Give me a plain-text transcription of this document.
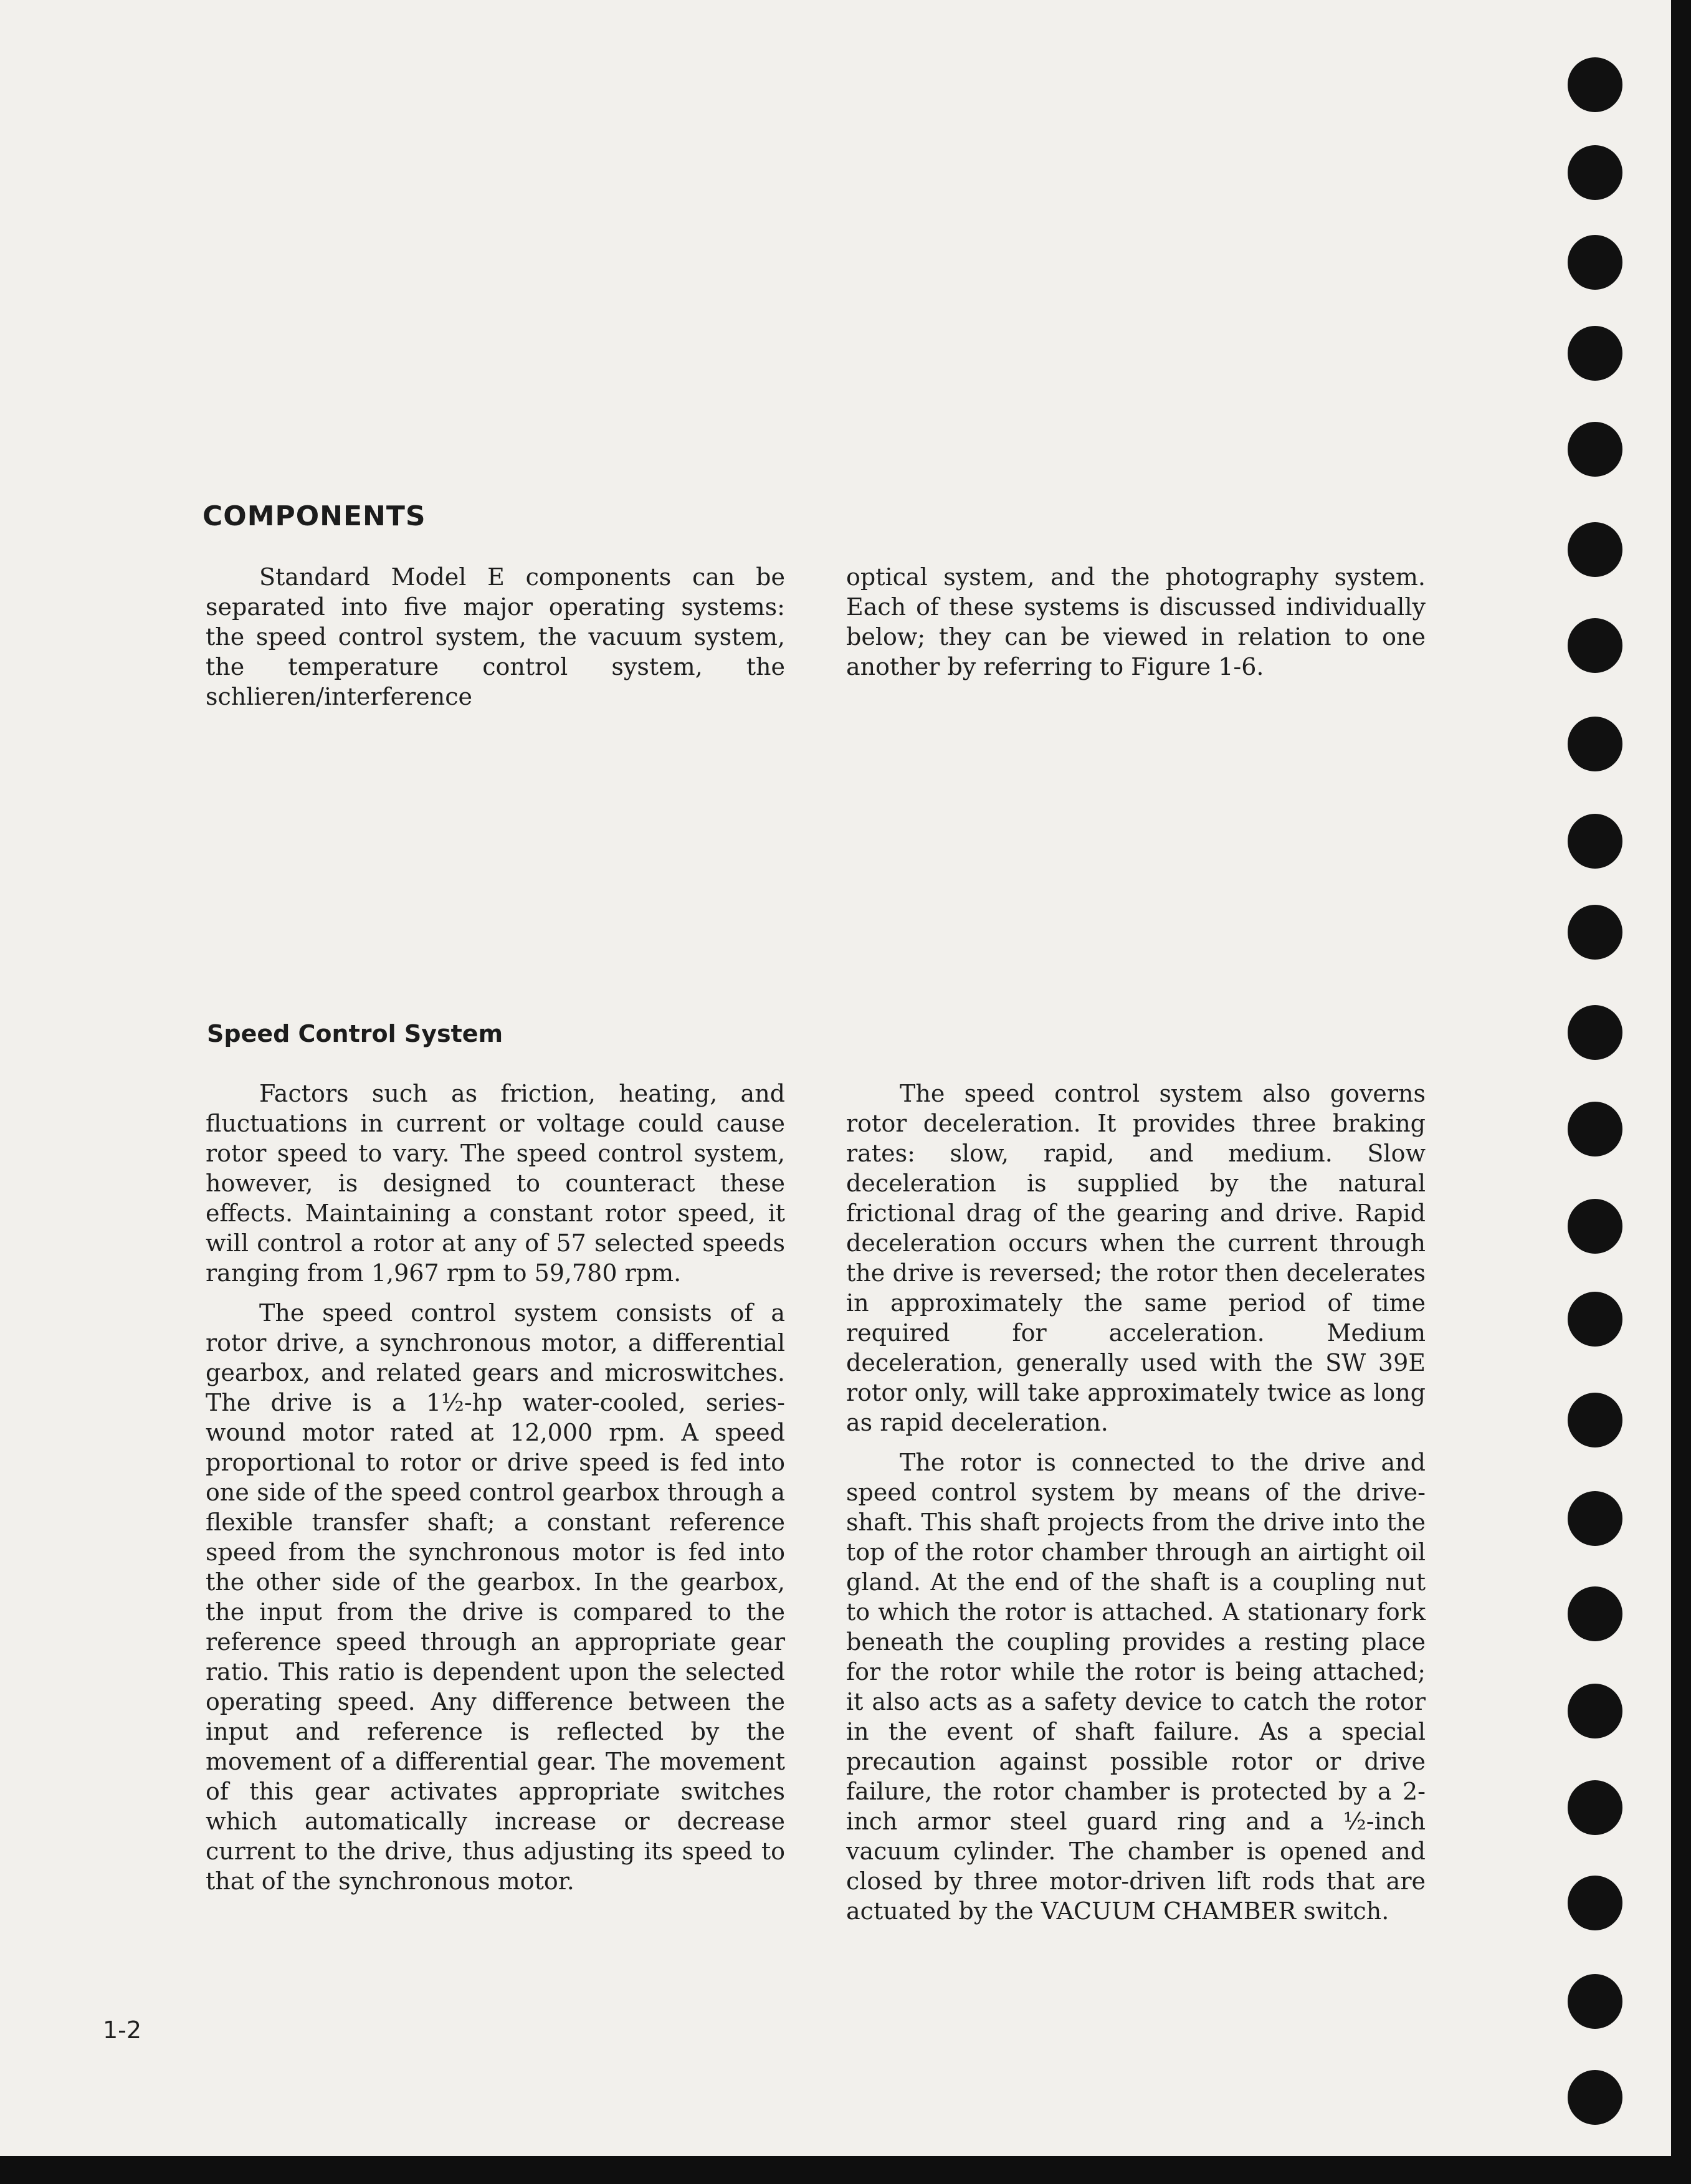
COMPONENTS

Standard Model E components can be separated into five major operating systems: the speed control system, the vacuum system, the temperature control system, the schlieren/interference

optical system, and the photography system. Each of these systems is discussed individually below; they can be viewed in relation to one another by referring to Figure 1-6.

Speed Control System

Factors such as friction, heating, and fluctuations in current or voltage could cause rotor speed to vary. The speed control system, however, is designed to counteract these effects. Maintaining a constant rotor speed, it will control a rotor at any of 57 selected speeds ranging from 1,967 rpm to 59,780 rpm.

The speed control system consists of a rotor drive, a synchronous motor, a differential gearbox, and related gears and microswitches. The drive is a 1½-hp water-cooled, series-wound motor rated at 12,000 rpm. A speed proportional to rotor or drive speed is fed into one side of the speed control gearbox through a flexible transfer shaft; a constant reference speed from the synchronous motor is fed into the other side of the gearbox. In the gearbox, the input from the drive is compared to the reference speed through an appropriate gear ratio. This ratio is dependent upon the selected operating speed. Any difference between the input and reference is reflected by the movement of a differential gear. The movement of this gear activates appropriate switches which automatically increase or decrease current to the drive, thus adjusting its speed to that of the synchronous motor.

The speed control system also governs rotor deceleration. It provides three braking rates: slow, rapid, and medium. Slow deceleration is supplied by the natural frictional drag of the gearing and drive. Rapid deceleration occurs when the current through the drive is reversed; the rotor then decelerates in approximately the same period of time required for acceleration. Medium deceleration, generally used with the SW 39E rotor only, will take approximately twice as long as rapid deceleration.

The rotor is connected to the drive and speed control system by means of the drive-shaft. This shaft projects from the drive into the top of the rotor chamber through an airtight oil gland. At the end of the shaft is a coupling nut to which the rotor is attached. A stationary fork beneath the coupling provides a resting place for the rotor while the rotor is being attached; it also acts as a safety device to catch the rotor in the event of shaft failure. As a special precaution against possible rotor or drive failure, the rotor chamber is protected by a 2-inch armor steel guard ring and a ½-inch vacuum cylinder. The chamber is opened and closed by three motor-driven lift rods that are actuated by the VACUUM CHAMBER switch.

1-2
